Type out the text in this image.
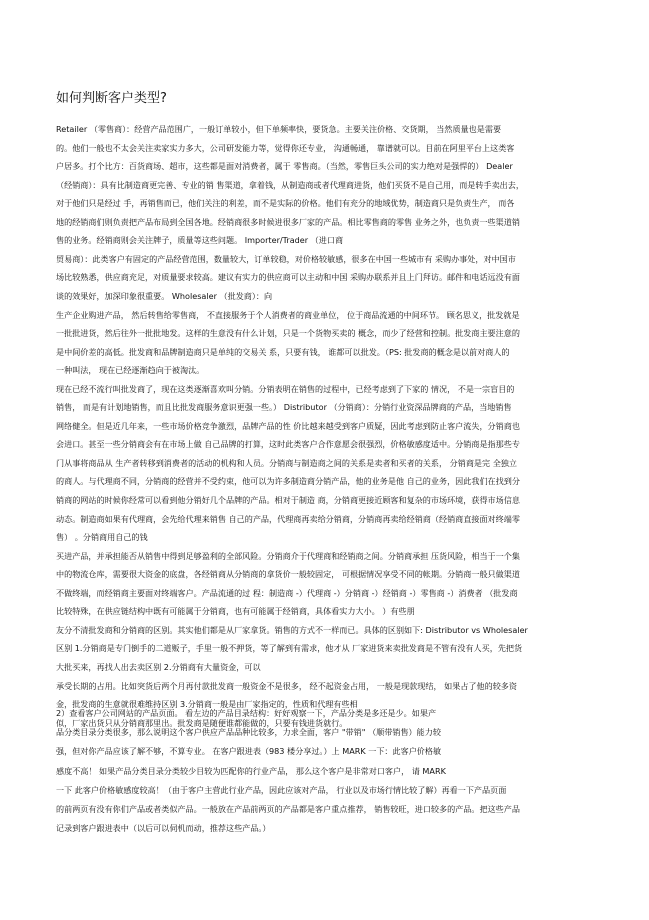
如何判断客户类型?

Retailer （零售商）：经营产品范围广，一般订单较小，但下单频率快，要货急。主要关注价格、交货期， 当然质量也是需要

的。他们一般也不太会关注卖家实力多大，公司研发能力等，觉得你还专业， 沟通畅通， 靠谱就可以。目前在阿里平台上这类客

户居多。打个比方：百货商场、超市，这些都是面对消费者，属于 零售商。（当然，零售巨头公司的实力绝对是强悍的） Dealer

（经销商）：具有比制造商更完善、专业的销 售渠道，拿着钱，从制造商或者代理商进货，他们买货不是自己用，而是转手卖出去，

对于他们只是经过 手，再销售而已，他们关注的利差，而不是实际的价格。他们有充分的地域优势，制造商只是负责生产， 而各

地的经销商们则负责把产品布局到全国各地。经销商很多时候进很多厂家的产品。相比零售商的零售 业务之外，也负责一些渠道销

售的业务。经销商则会关注牌子，质量等这些问题。 Importer/Trader （进口商

贸易商）：此类客户有固定的产品经营范围，数量较大，订单较稳，对价格较敏感，很多在中国一些城市有 采购办事处，对中国市

场比较熟悉，供应商充足，对质量要求较高。建议有实力的供应商可以主动和中国 采购办联系并且上门拜访。邮件和电话远没有面

谈的效果好，加深印象很重要。 Wholesaler （批发商）：向

生产企业购进产品， 然后转售给零售商， 不直接服务于个人消费者的商业单位， 位于商品流通的中间环节。 顾名思义，批发就是

一批批进货，然后往外一批批地发。这样的生意没有什么计划，只是一个货物买卖的 概念，而少了经营和控制。批发商主要注意的

是中间价差的高低。批发商和品牌制造商只是单纯的交易关 系，只要有钱， 谁都可以批发。（PS: 批发商的概念是以前对商人的

一种叫法， 现在已经逐渐趋向于被淘汰。

现在已经不流行叫批发商了，现在这类逐渐喜欢叫分销。分销表明在销售的过程中，已经考虑到了下家的 情况， 不是一宗盲目的

销售， 而是有计划地销售，而且比批发商服务意识更强一些。） Distributor （分销商）：分销行业资深品牌商的产品，当地销售

网络健全。但是近几年来，一些市场价格竞争激烈，品牌产品的性 价比越来越受到客户质疑，因此考虑到防止客户流失，分销商也

会进口。甚至一些分销商会有在市场上做 自己品牌的打算，这时此类客户合作意愿会很强烈，价格敏感度适中。分销商是指那些专

门从事将商品从 生产者转移到消费者的活动的机构和人员。分销商与制造商之间的关系是卖者和买者的关系， 分销商是完 全独立

的商人。与代理商不同，分销商的经营并不受约束，他可以为许多制造商分销产品，他的业务是他 自己的业务，因此我们在找到分

销商的网站的时候你经常可以看到他分销好几个品牌的产品。相对于制造 商，分销商更接近顾客和复杂的市场环境，获得市场信息

动态。制造商如果有代理商，会先给代理来销售 自己的产品，代理商再卖给分销商，分销商再卖给经销商（经销商直接面对终端零

售） 。分销商用自己的钱

买进产品，并承担能否从销售中得到足够盈利的全部风险。分销商介于代理商和经销商之间。分销商承担 压货风险，相当于一个集

中的物流仓库，需要很大资金的底盘，各经销商从分销商的拿货价一般较固定， 可根据情况享受不同的帐期。分销商一般只做渠道

不做终端，而经销商主要面对终端客户。产品流通的过 程：制造商 -）代理商 -）分销商 -）经销商 -）零售商 -）消费者 （批发商

比较特殊，在供应链结构中既有可能属于分销商，也有可能属于经销商，具体看实力大小。 ）有些朋

友分不清批发商和分销商的区别。其实他们都是从厂家拿货。销售的方式不一样而已。具体的区别如下: Distributor vs Wholesaler

区别 1.分销商是专门倒手的二道贩子，手里一般不押货，等了解到有需求，他才从 厂家进货来卖批发商是不管有没有人买，先把货

大批买来，再找人出去卖区别 2.分销商有大量资金，可以

承受长期的占用。比如突货后两个月再付款批发商一般资金不是很多， 经不起资金占用， 一般是现款现结， 如果占了他的较多资

金，批发商的生意就很难维持区别 3.分销商一般是由厂家指定的，性质和代理有些相

似，厂家出货只从分销商那里出。批发商是随便谁都能做的，只要有钱进货就行。

2）查看客户公司网站的产品页面。 看左边的产品目录结构：好好观察一下，产品分类是多还是少。如果产

品分类目录分类很多，那么说明这个客户供应产品品种比较多，力求全面，客户 "带销" （顺带销售）能力较

强，但对你产品应该了解不够，不算专业。 在客户跟进表（983 楼分享过。）上 MARK 一下：此客户价格敏

感度不高！ 如果产品分类目录分类较少目较为匹配你的行业产品， 那么这个客户是非常对口客户， 请 MARK

一下 此客户价格敏感度较高！（由于客户主营此行业产品，因此应该对产品， 行业以及市场行情比较了解）再看一下产品页面

的前两页有没有你们产品或者类似产品。一般放在产品前两页的产品都是客户重点推荐， 销售较旺，进口较多的产品。把这些产品

记录到客户跟进表中（以后可以伺机而动，推荐这些产品。）
